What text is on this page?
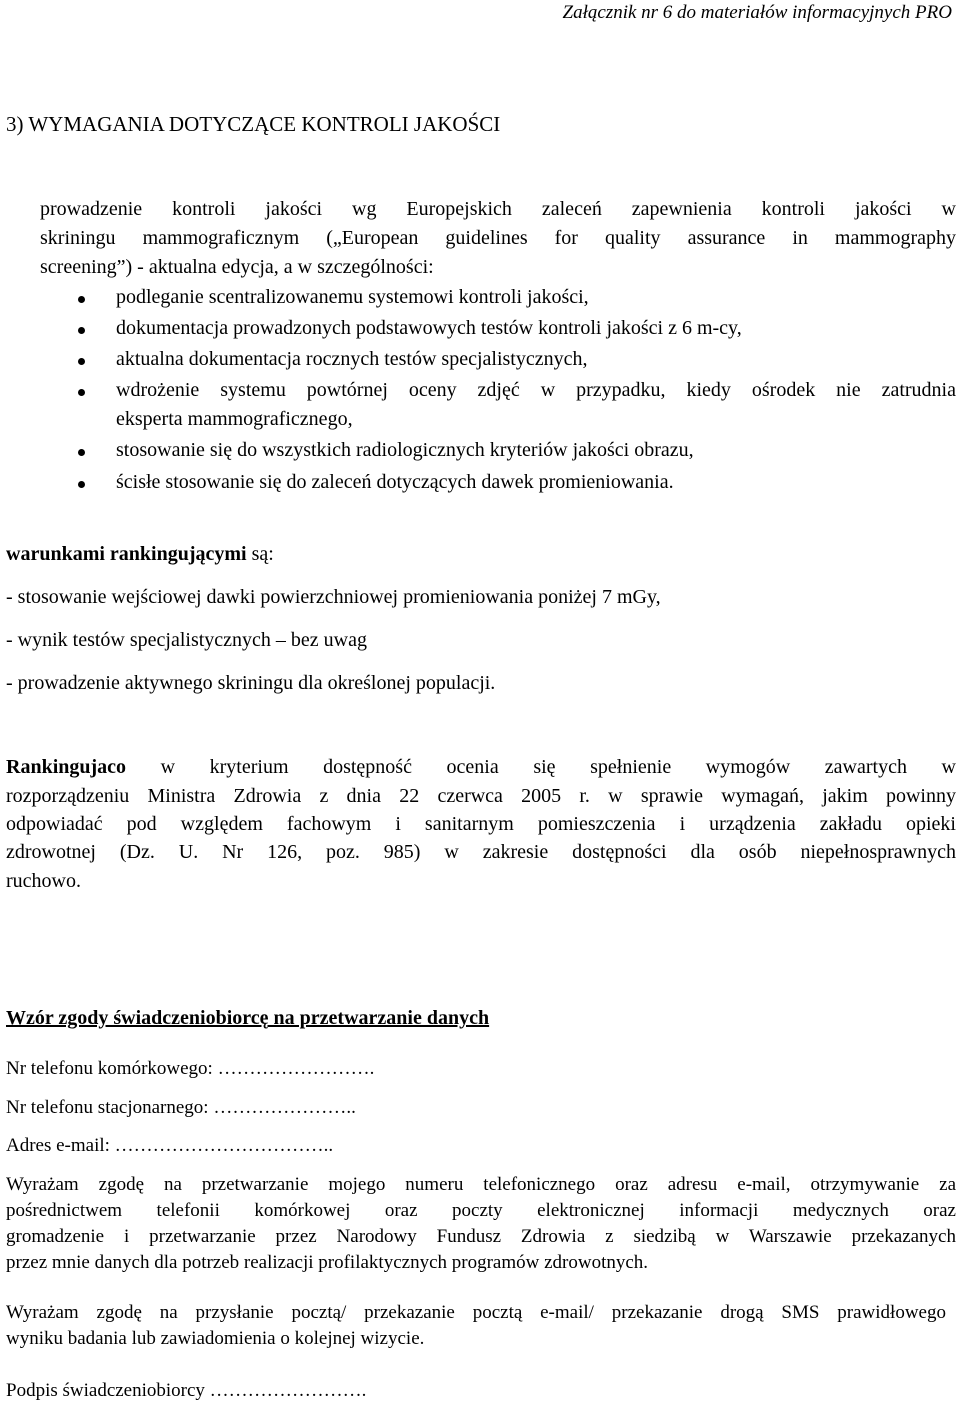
Załącznik nr 6 do materiałów informacyjnych PRO
3) WYMAGANIA DOTYCZĄCE KONTROLI JAKOŚCI
prowadzenie kontroli jakości wg Europejskich zaleceń zapewnienia kontroli jakości w
skriningu mammograficznym („European guidelines for quality assurance in mammography
screening”) - aktualna edycja, a w szczególności:
podleganie scentralizowanemu systemowi kontroli jakości,
dokumentacja prowadzonych podstawowych testów kontroli jakości z 6 m-cy,
aktualna dokumentacja rocznych testów specjalistycznych,
wdrożenie systemu powtórnej oceny zdjęć w przypadku, kiedy ośrodek nie zatrudnia
eksperta mammograficznego,
stosowanie się do wszystkich radiologicznych kryteriów jakości obrazu,
ścisłe stosowanie się do zaleceń dotyczących dawek promieniowania.
warunkami rankingującymi są:
- stosowanie wejściowej dawki powierzchniowej promieniowania poniżej 7 mGy,
- wynik testów specjalistycznych – bez uwag
- prowadzenie aktywnego skriningu dla określonej populacji.
Rankingujaco w kryterium dostępność ocenia się spełnienie wymogów zawartych w
rozporządzeniu Ministra Zdrowia z dnia 22 czerwca 2005 r. w sprawie wymagań, jakim powinny
odpowiadać pod względem fachowym i sanitarnym pomieszczenia i urządzenia zakładu opieki
zdrowotnej (Dz. U. Nr 126, poz. 985) w zakresie dostępności dla osób niepełnosprawnych
ruchowo.
Wzór zgody świadczeniobiorcę na przetwarzanie danych
Nr telefonu komórkowego: …………………….
Nr telefonu stacjonarnego: …………………..
Adres e-mail: ……………………………..
Wyrażam zgodę na przetwarzanie mojego numeru telefonicznego oraz adresu e-mail, otrzymywanie za
pośrednictwem telefonii komórkowej oraz poczty elektronicznej informacji medycznych oraz
gromadzenie i przetwarzanie przez Narodowy Fundusz Zdrowia z siedzibą w Warszawie przekazanych
przez mnie danych dla potrzeb realizacji profilaktycznych programów zdrowotnych.
Wyrażam zgodę na przysłanie pocztą/ przekazanie pocztą e-mail/ przekazanie drogą SMS prawidłowego
wyniku badania lub zawiadomienia o kolejnej wizycie.
Podpis świadczeniobiorcy …………………….
